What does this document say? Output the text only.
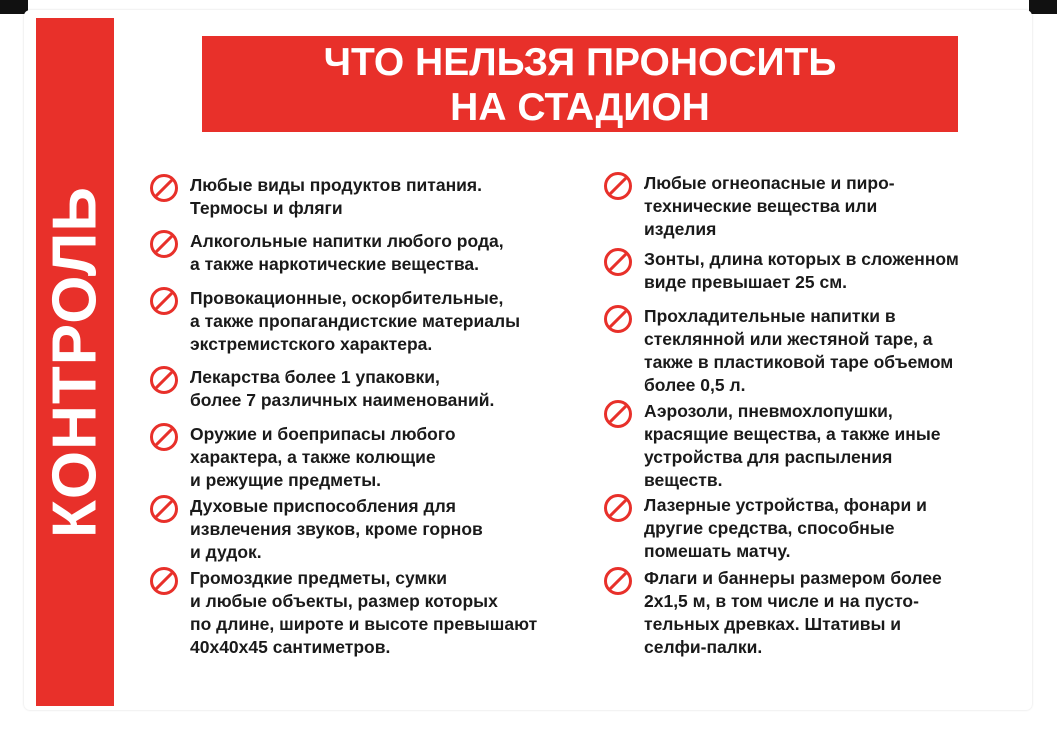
КОНТРОЛЬ
ЧТО НЕЛЬЗЯ ПРОНОСИТЬ
НА СТАДИОН
Любые виды продуктов питания.
Термосы и фляги
Алкогольные напитки любого рода,
а также наркотические вещества.
Провокационные, оскорбительные,
а также пропагандистские материалы
экстремистского характера.
Лекарства более 1 упаковки,
более 7 различных наименований.
Оружие и боеприпасы любого
характера, а также колющие
и режущие предметы.
Духовые приспособления для
извлечения звуков, кроме горнов
и дудок.
Громоздкие предметы, сумки
и любые объекты, размер которых
по длине, широте и высоте превышают
40x40x45 сантиметров.
Любые огнеопасные и пиро-
технические вещества или
изделия
Зонты, длина которых в сложенном
виде превышает 25 см.
Прохладительные напитки в
стеклянной или жестяной таре, а
также в пластиковой таре объемом
более 0,5 л.
Аэрозоли, пневмохлопушки,
красящие вещества, а также иные
устройства для распыления
веществ.
Лазерные устройства, фонари и
другие средства, способные
помешать матчу.
Флаги и баннеры размером более
2x1,5 м, в том числе и на пусто-
тельных древках. Штативы и
селфи-палки.
